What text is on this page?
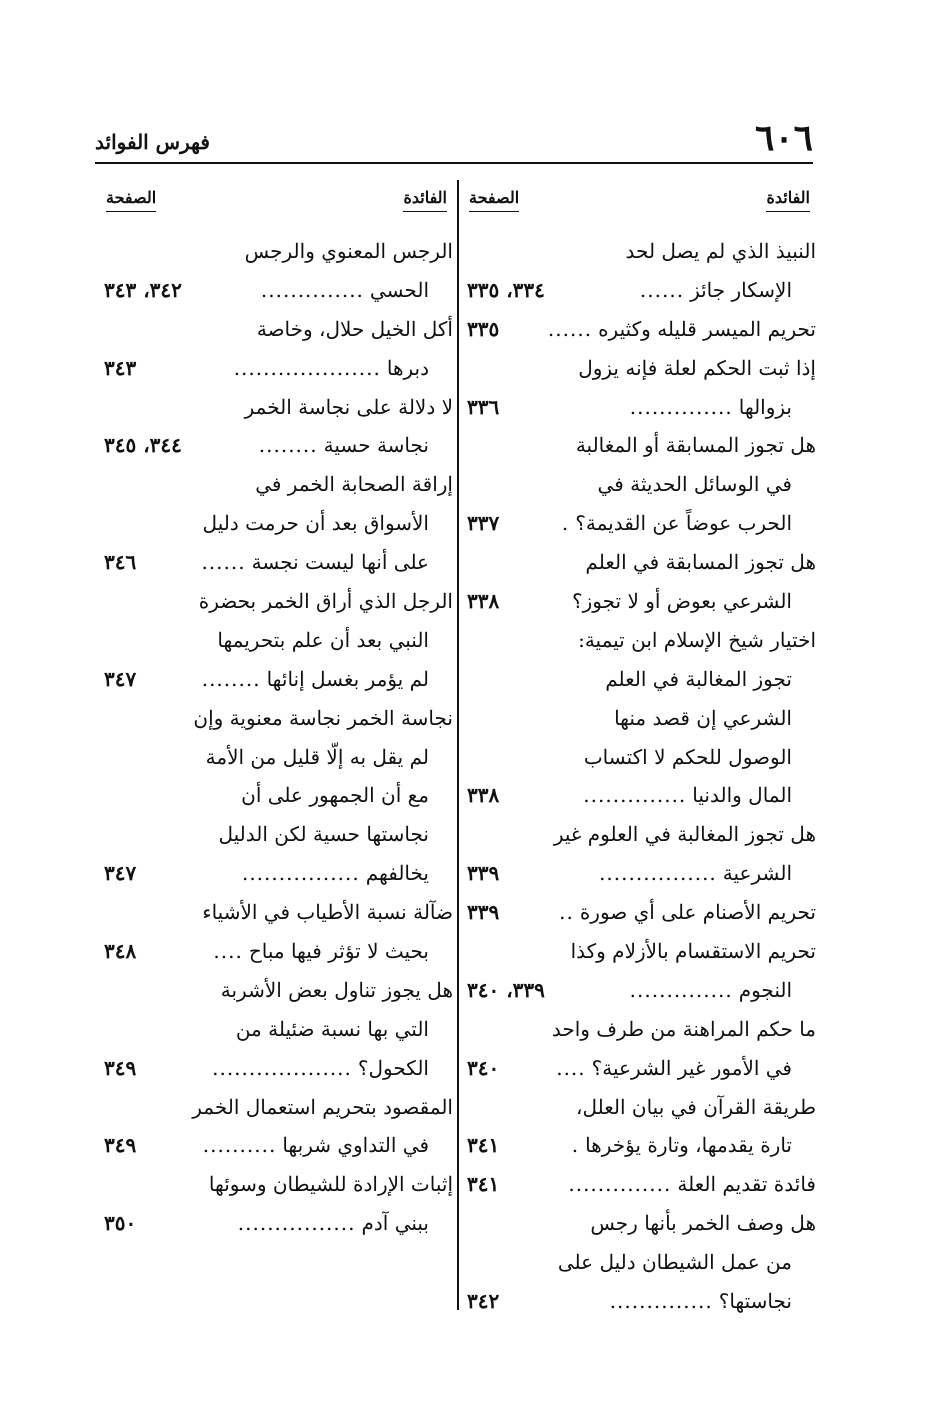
٦٠٦
فهرس الفوائد
الفائدة
الصفحة
النبيذ الذي لم يصل لحد
الإسكار جائز
......
٣٣٤، ٣٣٥
تحريم الميسر قليله وكثيره
......
٣٣٥
إذا ثبت الحكم لعلة فإنه يزول
بزوالها
..............
٣٣٦
هل تجوز المسابقة أو المغالبة
في الوسائل الحديثة في
الحرب عوضاً عن القديمة؟
.
٣٣٧
هل تجوز المسابقة في العلم
الشرعي بعوض أو لا تجوز؟
٣٣٨
اختيار شيخ الإسلام ابن تيمية:
تجوز المغالبة في العلم
الشرعي إن قصد منها
الوصول للحكم لا اكتساب
المال والدنيا
..............
٣٣٨
هل تجوز المغالبة في العلوم غير
الشرعية
................
٣٣٩
تحريم الأصنام على أي صورة
..
٣٣٩
تحريم الاستقسام بالأزلام وكذا
النجوم
..............
٣٣٩، ٣٤٠
ما حكم المراهنة من طرف واحد
في الأمور غير الشرعية؟
....
٣٤٠
طريقة القرآن في بيان العلل،
تارة يقدمها، وتارة يؤخرها
.
٣٤١
فائدة تقديم العلة
..............
٣٤١
هل وصف الخمر بأنها رجس
من عمل الشيطان دليل على
نجاستها؟
..............
٣٤٢
الفائدة
الصفحة
الرجس المعنوي والرجس
الحسي
..............
٣٤٢، ٣٤٣
أكل الخيل حلال، وخاصة
دبرها
....................
٣٤٣
لا دلالة على نجاسة الخمر
نجاسة حسية
........
٣٤٤، ٣٤٥
إراقة الصحابة الخمر في
الأسواق بعد أن حرمت دليل
على أنها ليست نجسة
......
٣٤٦
الرجل الذي أراق الخمر بحضرة
النبي بعد أن علم بتحريمها
لم يؤمر بغسل إنائها
........
٣٤٧
نجاسة الخمر نجاسة معنوية وإن
لم يقل به إلّا قليل من الأمة
مع أن الجمهور على أن
نجاستها حسية لكن الدليل
يخالفهم
................
٣٤٧
ضآلة نسبة الأطياب في الأشياء
بحيث لا تؤثر فيها مباح
....
٣٤٨
هل يجوز تناول بعض الأشربة
التي بها نسبة ضئيلة من
الكحول؟
...................
٣٤٩
المقصود بتحريم استعمال الخمر
في التداوي شربها
..........
٣٤٩
إثبات الإرادة للشيطان وسوئها
ببني آدم
................
٣٥٠
